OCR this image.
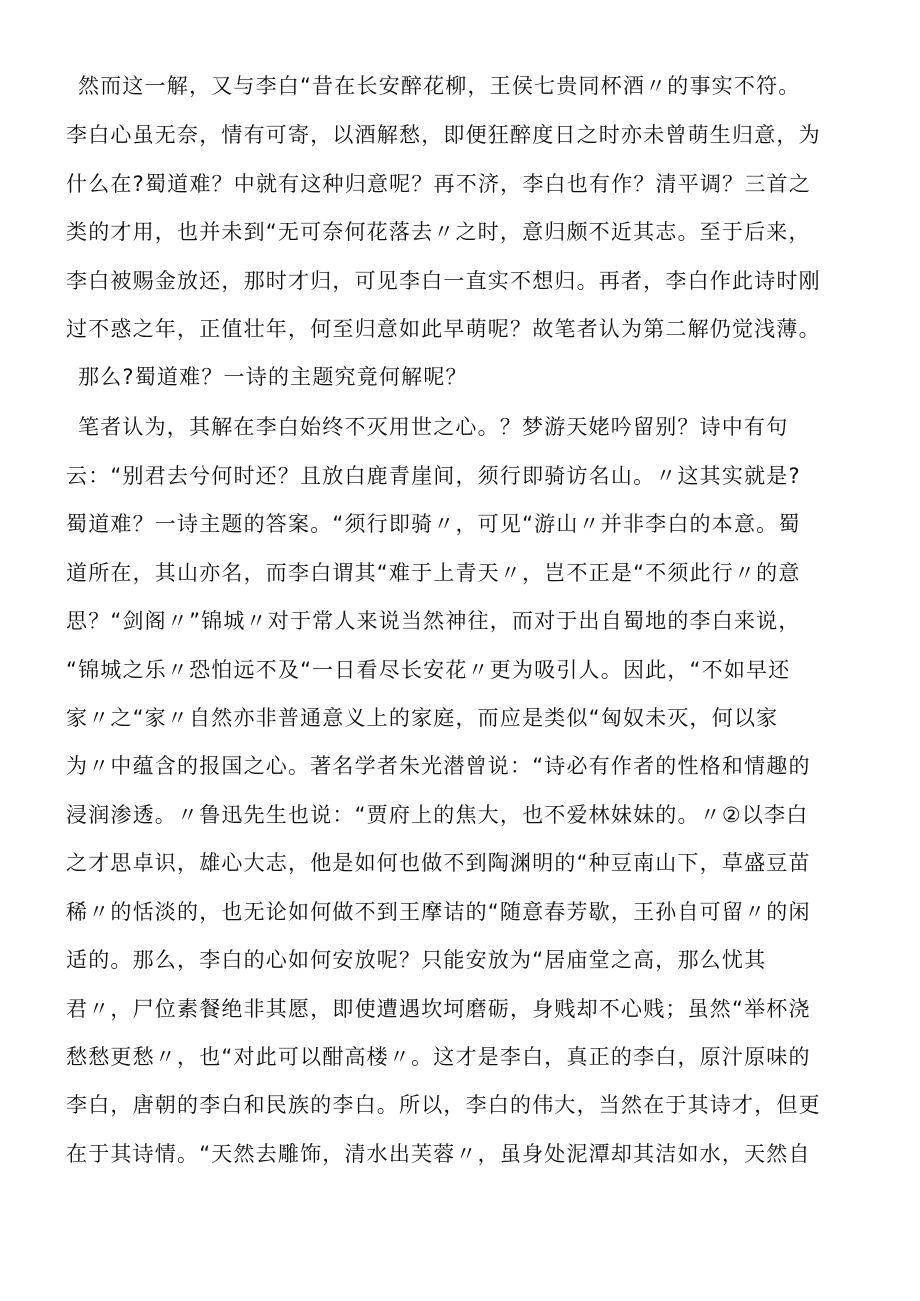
然而这一解，又与李白“昔在长安醉花柳，王侯七贵同杯酒〃的事实不符。
李白心虽无奈，情有可寄，以酒解愁，即便狂醉度日之时亦未曾萌生归意，为
什么在?蜀道难？中就有这种归意呢？再不济，李白也有作？清平调？三首之
类的才用，也并未到“无可奈何花落去〃之时，意归颇不近其志。至于后来，
李白被赐金放还，那时才归，可见李白一直实不想归。再者，李白作此诗时刚
过不惑之年，正值壮年，何至归意如此早萌呢？故笔者认为第二解仍觉浅薄。
那么?蜀道难？一诗的主题究竟何解呢？
笔者认为，其解在李白始终不灭用世之心。？梦游天姥吟留别？诗中有句
云：“别君去兮何时还？且放白鹿青崖间，须行即骑访名山。〃这其实就是?
蜀道难？一诗主题的答案。“须行即骑〃，可见“游山〃并非李白的本意。蜀
道所在，其山亦名，而李白谓其“难于上青天〃，岂不正是“不须此行〃的意
思？“剑阁〃”锦城〃对于常人来说当然神往，而对于出自蜀地的李白来说，
“锦城之乐〃恐怕远不及“一日看尽长安花〃更为吸引人。因此，“不如早还
家〃之“家〃自然亦非普通意义上的家庭，而应是类似“匈奴未灭，何以家
为〃中蕴含的报国之心。著名学者朱光潜曾说：“诗必有作者的性格和情趣的
浸润渗透。〃鲁迅先生也说：“贾府上的焦大，也不爱林妹妹的。〃②以李白
之才思卓识，雄心大志，他是如何也做不到陶渊明的“种豆南山下，草盛豆苗
稀〃的恬淡的，也无论如何做不到王摩诘的“随意春芳歇，王孙自可留〃的闲
适的。那么，李白的心如何安放呢？只能安放为“居庙堂之高，那么忧其
君〃，尸位素餐绝非其愿，即使遭遇坎坷磨砺，身贱却不心贱；虽然“举杯浇
愁愁更愁〃，也“对此可以酣高楼〃。这才是李白，真正的李白，原汁原味的
李白，唐朝的李白和民族的李白。所以，李白的伟大，当然在于其诗才，但更
在于其诗情。“天然去雕饰，清水出芙蓉〃，虽身处泥潭却其洁如水，天然自
